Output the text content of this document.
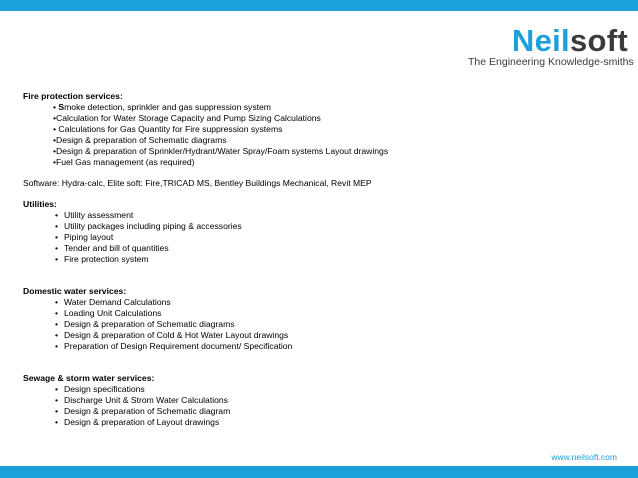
Neilsoft
The Engineering Knowledge-smiths
Fire protection services:
• Smoke detection, sprinkler and gas suppression system
•Calculation for Water Storage Capacity and Pump Sizing Calculations
• Calculations for Gas Quantity for Fire suppression systems
•Design & preparation of Schematic diagrams
•Design & preparation of Sprinkler/Hydrant/Water Spray/Foam systems Layout drawings
•Fuel Gas management (as required)
Software: Hydra-calc, Elite soft: Fire,TRICAD MS, Bentley Buildings Mechanical, Revit MEP
Utilities:
• Utility assessment
• Utility packages including piping & accessories
• Piping layout
• Tender and bill of quantities
• Fire protection system
Domestic water services:
• Water Demand Calculations
• Loading Unit Calculations
• Design & preparation of Schematic diagrams
• Design & preparation of Cold & Hot Water Layout drawings
• Preparation of Design Requirement document/ Specification
Sewage & storm water services:
• Design specifications
• Discharge Unit & Strom Water Calculations
• Design & preparation of Schematic diagram
• Design & preparation of Layout drawings
www.neilsoft.com
